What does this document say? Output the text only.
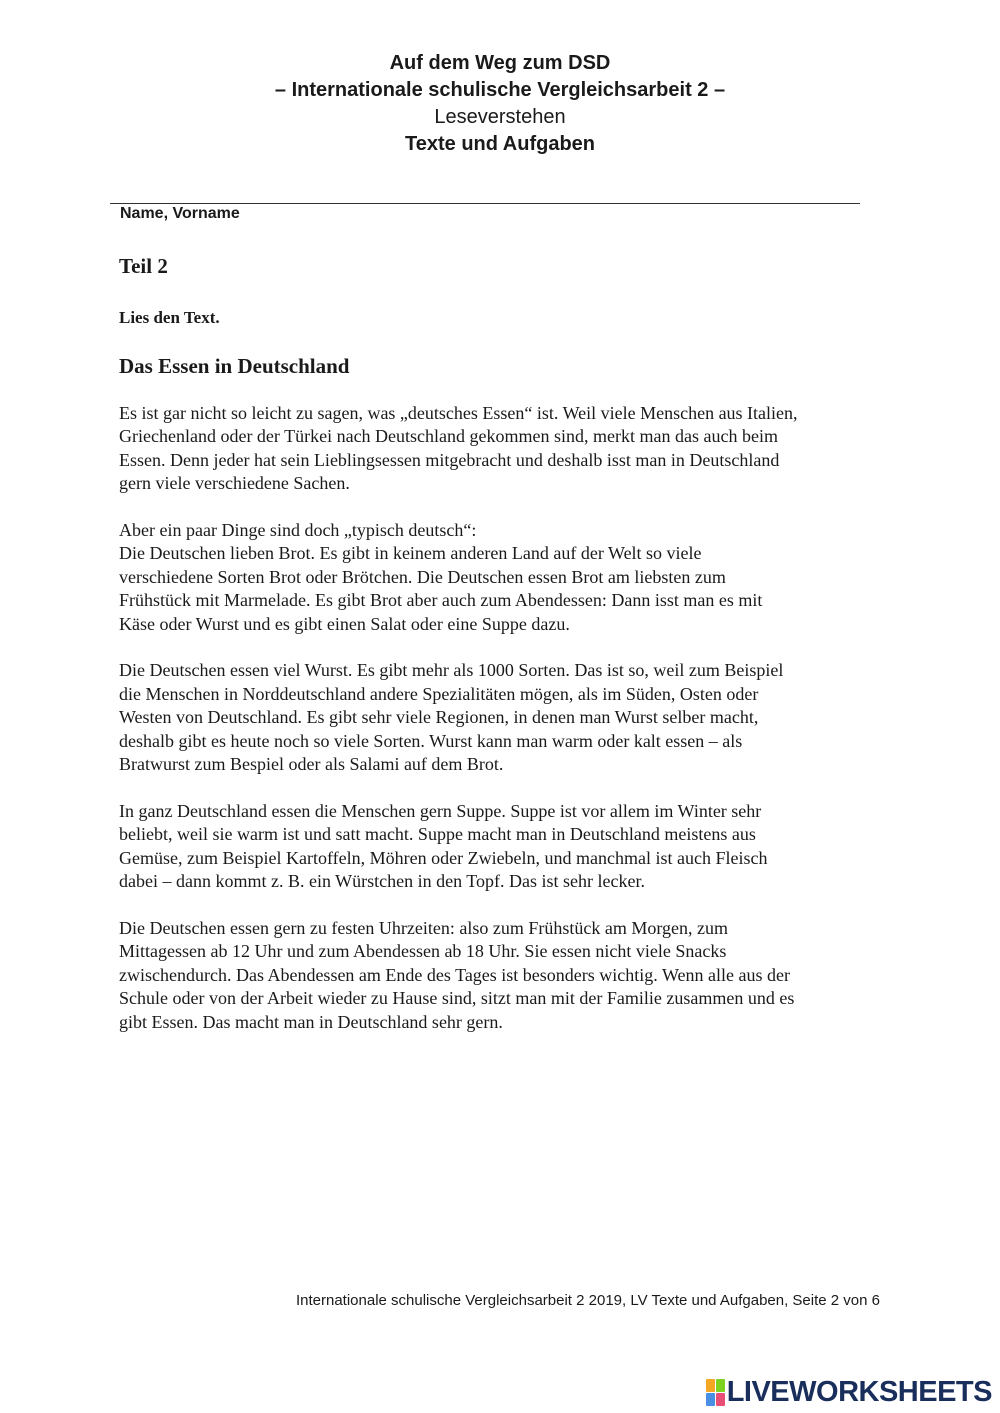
Auf dem Weg zum DSD
– Internationale schulische Vergleichsarbeit 2 –
Leseverstehen
Texte und Aufgaben
Name, Vorname
Teil 2
Lies den Text.
Das Essen in Deutschland

Es ist gar nicht so leicht zu sagen, was „deutsches Essen“ ist. Weil viele Menschen aus Italien,
Griechenland oder der Türkei nach Deutschland gekommen sind, merkt man das auch beim
Essen. Denn jeder hat sein Lieblingsessen mitgebracht und deshalb isst man in Deutschland
gern viele verschiedene Sachen.

Aber ein paar Dinge sind doch „typisch deutsch“:
Die Deutschen lieben Brot. Es gibt in keinem anderen Land auf der Welt so viele
verschiedene Sorten Brot oder Brötchen. Die Deutschen essen Brot am liebsten zum
Frühstück mit Marmelade. Es gibt Brot aber auch zum Abendessen: Dann isst man es mit
Käse oder Wurst und es gibt einen Salat oder eine Suppe dazu.

Die Deutschen essen viel Wurst. Es gibt mehr als 1000 Sorten. Das ist so, weil zum Beispiel
die Menschen in Norddeutschland andere Spezialitäten mögen, als im Süden, Osten oder
Westen von Deutschland. Es gibt sehr viele Regionen, in denen man Wurst selber macht,
deshalb gibt es heute noch so viele Sorten. Wurst kann man warm oder kalt essen – als
Bratwurst zum Bespiel oder als Salami auf dem Brot.

In ganz Deutschland essen die Menschen gern Suppe. Suppe ist vor allem im Winter sehr
beliebt, weil sie warm ist und satt macht. Suppe macht man in Deutschland meistens aus
Gemüse, zum Beispiel Kartoffeln, Möhren oder Zwiebeln, und manchmal ist auch Fleisch
dabei – dann kommt z. B. ein Würstchen in den Topf. Das ist sehr lecker.

Die Deutschen essen gern zu festen Uhrzeiten: also zum Frühstück am Morgen, zum
Mittagessen ab 12 Uhr und zum Abendessen ab 18 Uhr. Sie essen nicht viele Snacks
zwischendurch. Das Abendessen am Ende des Tages ist besonders wichtig. Wenn alle aus der
Schule oder von der Arbeit wieder zu Hause sind, sitzt man mit der Familie zusammen und es
gibt Essen. Das macht man in Deutschland sehr gern.

Internationale schulische Vergleichsarbeit 2 2019, LV Texte und Aufgaben, Seite 2 von 6
LIVEWORKSHEETS
